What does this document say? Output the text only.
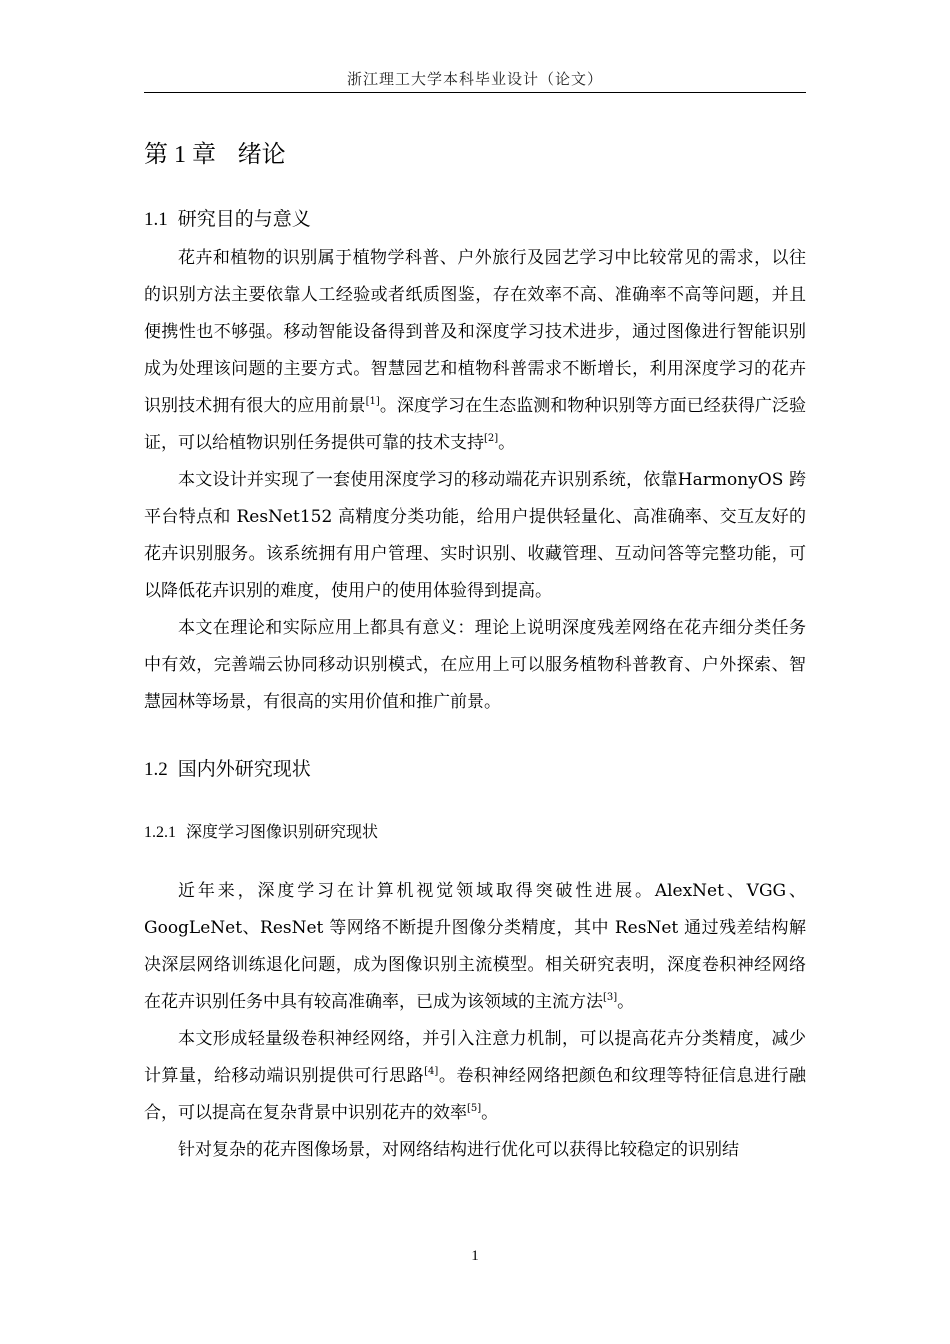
浙江理工大学本科毕业设计（论文）
第 1 章 绪论
1.1 研究目的与意义

花卉和植物的识别属于植物学科普、户外旅行及园艺学习中比较常见的需求，以往的识别方法主要依靠人工经验或者纸质图鉴，存在效率不高、准确率不高等问题，并且便携性也不够强。移动智能设备得到普及和深度学习技术进步，通过图像进行智能识别成为处理该问题的主要方式。智慧园艺和植物科普需求不断增长，利用深度学习的花卉识别技术拥有很大的应用前景[1]。深度学习在生态监测和物种识别等方面已经获得广泛验证，可以给植物识别任务提供可靠的技术支持[2]。

本文设计并实现了一套使用深度学习的移动端花卉识别系统，依靠HarmonyOS 跨平台特点和 ResNet152 高精度分类功能，给用户提供轻量化、高准确率、交互友好的花卉识别服务。该系统拥有用户管理、实时识别、收藏管理、互动问答等完整功能，可以降低花卉识别的难度，使用户的使用体验得到提高。

本文在理论和实际应用上都具有意义：理论上说明深度残差网络在花卉细分类任务中有效，完善端云协同移动识别模式，在应用上可以服务植物科普教育、户外探索、智慧园林等场景，有很高的实用价值和推广前景。

1.2 国内外研究现状
1.2.1 深度学习图像识别研究现状

近年来，深度学习在计算机视觉领域取得突破性进展。AlexNet、VGG、GoogLeNet、ResNet 等网络不断提升图像分类精度，其中 ResNet 通过残差结构解决深层网络训练退化问题，成为图像识别主流模型。相关研究表明，深度卷积神经网络在花卉识别任务中具有较高准确率，已成为该领域的主流方法[3]。

本文形成轻量级卷积神经网络，并引入注意力机制，可以提高花卉分类精度，减少计算量，给移动端识别提供可行思路[4]。卷积神经网络把颜色和纹理等特征信息进行融合，可以提高在复杂背景中识别花卉的效率[5]。

针对复杂的花卉图像场景，对网络结构进行优化可以获得比较稳定的识别结

1
